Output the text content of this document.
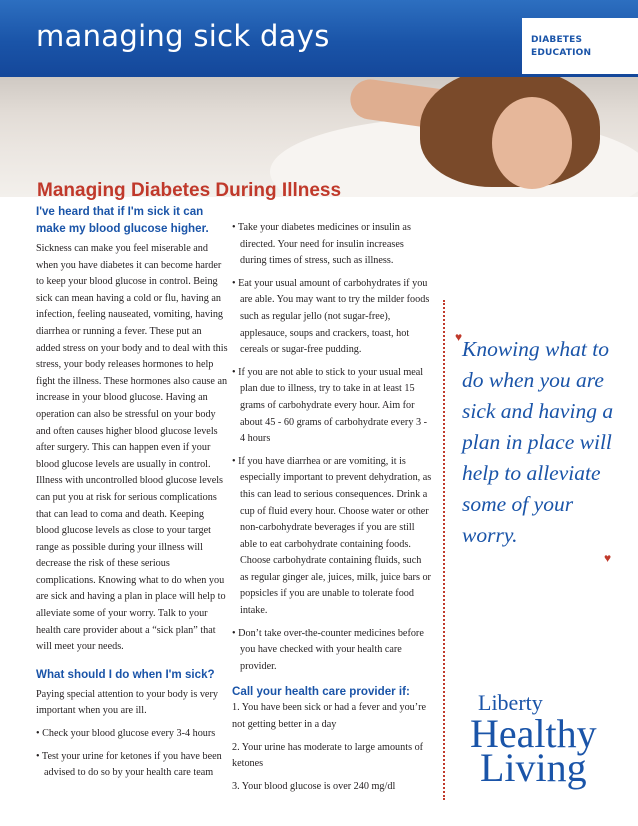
managing sick days	DIABETES
EDUCATION
Managing Diabetes During Illness

I've heard that if I'm sick it can make my blood glucose higher.

Sickness can make you feel miserable and when you have diabetes it can become harder to keep your blood glucose in control. Being sick can mean having a cold or flu, having an infection, feeling nauseated, vomiting, having diarrhea or running a fever. These put an added stress on your body and to deal with this stress, your body releases hormones to help fight the illness. These hormones also cause an increase in your blood glucose. Having an operation can also be stressful on your body and often causes higher blood glucose levels after surgery. This can happen even if your blood glucose levels are usually in control. Illness with uncontrolled blood glucose levels can put you at risk for serious complications that can lead to coma and death. Keeping blood glucose levels as close to your target range as possible during your illness will decrease the risk of these serious complications. Knowing what to do when you are sick and having a plan in place will help to alleviate some of your worry. Talk to your health care provider about a “sick plan” that will meet your needs.

What should I do when I'm sick?

Paying special attention to your body is very important when you are ill.

• Check your blood glucose every 3-4 hours

• Test your urine for ketones if you have been advised to do so by your health care team

• Take your diabetes medicines or insulin as directed. Your need for insulin increases during times of stress, such as illness.

• Eat your usual amount of carbohydrates if you are able. You may want to try the milder foods such as regular jello (not sugar-free), applesauce, soups and crackers, toast, hot cereals or sugar-free pudding.

• If you are not able to stick to your usual meal plan due to illness, try to take in at least 15 grams of carbohydrate every hour. Aim for about 45 - 60 grams of carbohydrate every 3 - 4 hours

• If you have diarrhea or are vomiting, it is especially important to prevent dehydration, as this can lead to serious consequences. Drink a cup of fluid every hour. Choose water or other non-carbohydrate beverages if you are still able to eat carbohydrate containing foods. Choose carbohydrate containing fluids, such as regular ginger ale, juices, milk, juice bars or popsicles if you are unable to tolerate food intake.

• Don’t take over-the-counter medicines before you have checked with your health care provider.

Call your health care provider if:

1. You have been sick or had a fever and you’re not getting better in a day

2. Your urine has moderate to large amounts of ketones

3. Your blood glucose is over 240 mg/dl

♥ Knowing what to do when you are sick and having a plan in place will help to alleviate some of your worry.
♥
Liberty
Healthy
Living
